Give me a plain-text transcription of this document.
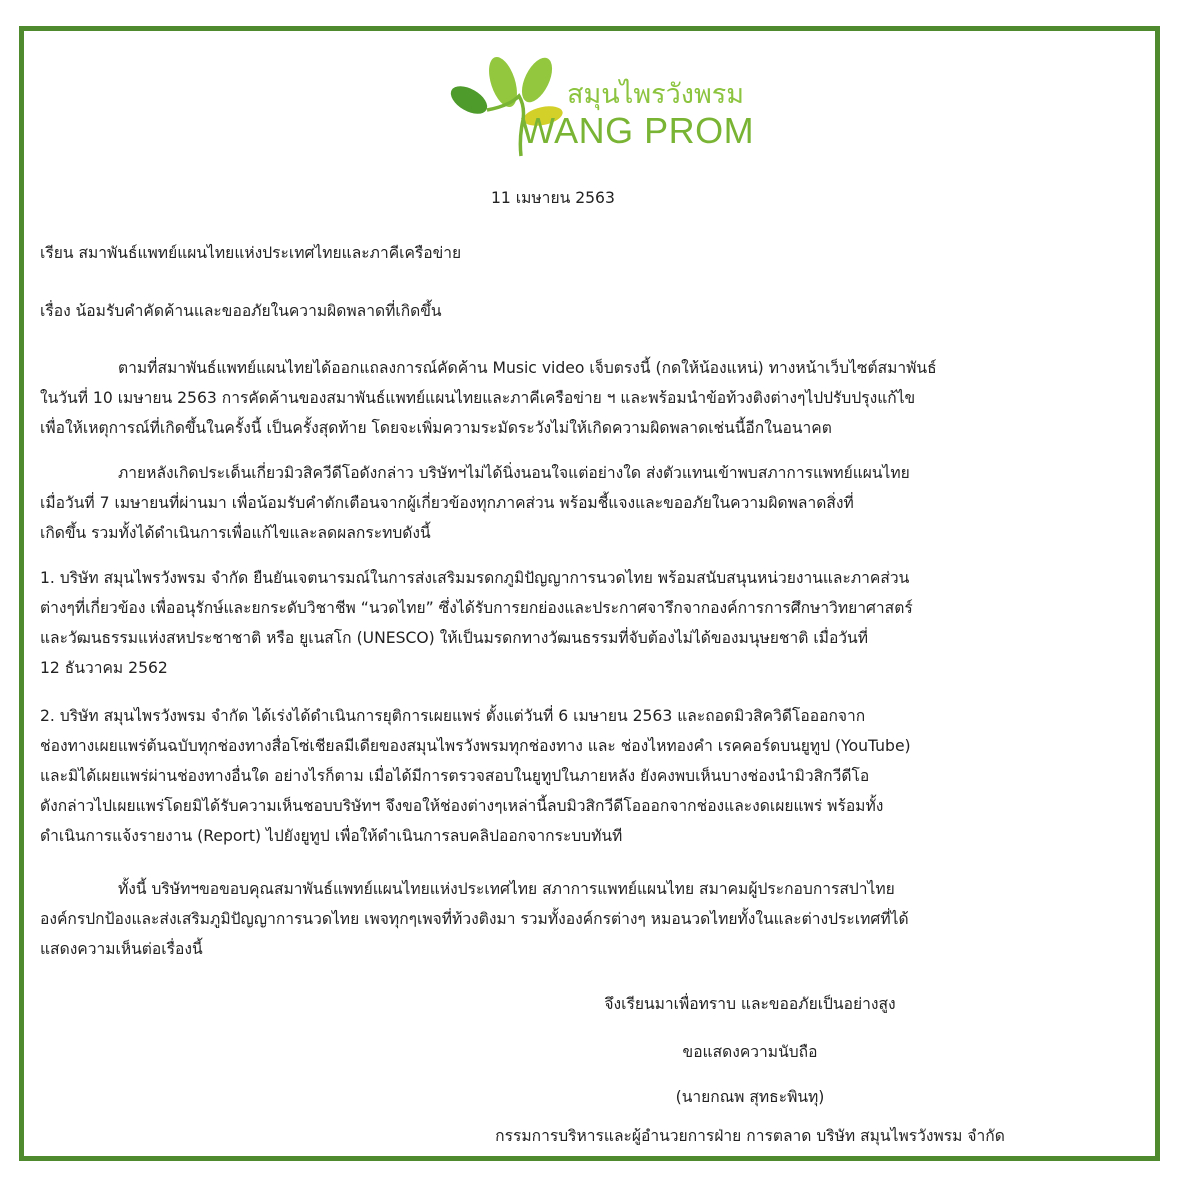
สมุนไพรวังพรม
WANG PROM
11 เมษายน 2563
เรียน สมาพันธ์แพทย์แผนไทยแห่งประเทศไทยและภาคีเครือข่าย
เรื่อง น้อมรับคำคัดค้านและขออภัยในความผิดพลาดที่เกิดขึ้น
ตามที่สมาพันธ์แพทย์แผนไทยได้ออกแถลงการณ์คัดค้าน Music video เจ็บตรงนี้ (กดให้น้องแหน่) ทางหน้าเว็บไซต์สมาพันธ์
ในวันที่ 10 เมษายน 2563 การคัดค้านของสมาพันธ์แพทย์แผนไทยและภาคีเครือข่าย ฯ และพร้อมนำข้อท้วงติงต่างๆไปปรับปรุงแก้ไข
เพื่อให้เหตุการณ์ที่เกิดขึ้นในครั้งนี้ เป็นครั้งสุดท้าย โดยจะเพิ่มความระมัดระวังไม่ให้เกิดความผิดพลาดเช่นนี้อีกในอนาคต
ภายหลังเกิดประเด็นเกี่ยวมิวสิควีดีโอดังกล่าว บริษัทฯไม่ได้นิ่งนอนใจแต่อย่างใด ส่งตัวแทนเข้าพบสภาการแพทย์แผนไทย
เมื่อวันที่ 7 เมษายนที่ผ่านมา เพื่อน้อมรับคำตักเตือนจากผู้เกี่ยวข้องทุกภาคส่วน พร้อมชี้แจงและขออภัยในความผิดพลาดสิ่งที่
เกิดขึ้น รวมทั้งได้ดำเนินการเพื่อแก้ไขและลดผลกระทบดังนี้
1. บริษัท สมุนไพรวังพรม จำกัด ยืนยันเจตนารมณ์ในการส่งเสริมมรดกภูมิปัญญาการนวดไทย พร้อมสนับสนุนหน่วยงานและภาคส่วน
ต่างๆที่เกี่ยวข้อง เพื่ออนุรักษ์และยกระดับวิชาชีพ “นวดไทย” ซึ่งได้รับการยกย่องและประกาศจารึกจากองค์การการศึกษาวิทยาศาสตร์
และวัฒนธรรมแห่งสหประชาชาติ หรือ ยูเนสโก (UNESCO) ให้เป็นมรดกทางวัฒนธรรมที่จับต้องไม่ได้ของมนุษยชาติ เมื่อวันที่
12 ธันวาคม 2562
2. บริษัท สมุนไพรวังพรม จำกัด ได้เร่งได้ดำเนินการยุติการเผยแพร่ ตั้งแต่วันที่ 6 เมษายน 2563 และถอดมิวสิควิดีโอออกจาก
ช่องทางเผยแพร่ต้นฉบับทุกช่องทางสื่อโซ่เชียลมีเดียของสมุนไพรวังพรมทุกช่องทาง และ ช่องไหทองคำ เรคคอร์ดบนยูทูป (YouTube)
และมิได้เผยแพร่ผ่านช่องทางอื่นใด อย่างไรก็ตาม เมื่อได้มีการตรวจสอบในยูทูปในภายหลัง ยังคงพบเห็นบางช่องนำมิวสิกวีดีโอ
ดังกล่าวไปเผยแพร่โดยมิได้รับความเห็นชอบบริษัทฯ จึงขอให้ช่องต่างๆเหล่านี้ลบมิวสิกวีดีโอออกจากช่องและงดเผยแพร่ พร้อมทั้ง
ดำเนินการแจ้งรายงาน (Report) ไปยังยูทูป เพื่อให้ดำเนินการลบคลิปออกจากระบบทันที
ทั้งนี้ บริษัทฯขอขอบคุณสมาพันธ์แพทย์แผนไทยแห่งประเทศไทย สภาการแพทย์แผนไทย สมาคมผู้ประกอบการสปาไทย
องค์กรปกป้องและส่งเสริมภูมิปัญญาการนวดไทย เพจทุกๆเพจที่ท้วงติงมา รวมทั้งองค์กรต่างๆ หมอนวดไทยทั้งในและต่างประเทศที่ได้
แสดงความเห็นต่อเรื่องนี้
จึงเรียนมาเพื่อทราบ และขออภัยเป็นอย่างสูง
ขอแสดงความนับถือ
(นายกณพ สุทธะพินทุ)
กรรมการบริหารและผู้อำนวยการฝ่าย การตลาด บริษัท สมุนไพรวังพรม จำกัด
